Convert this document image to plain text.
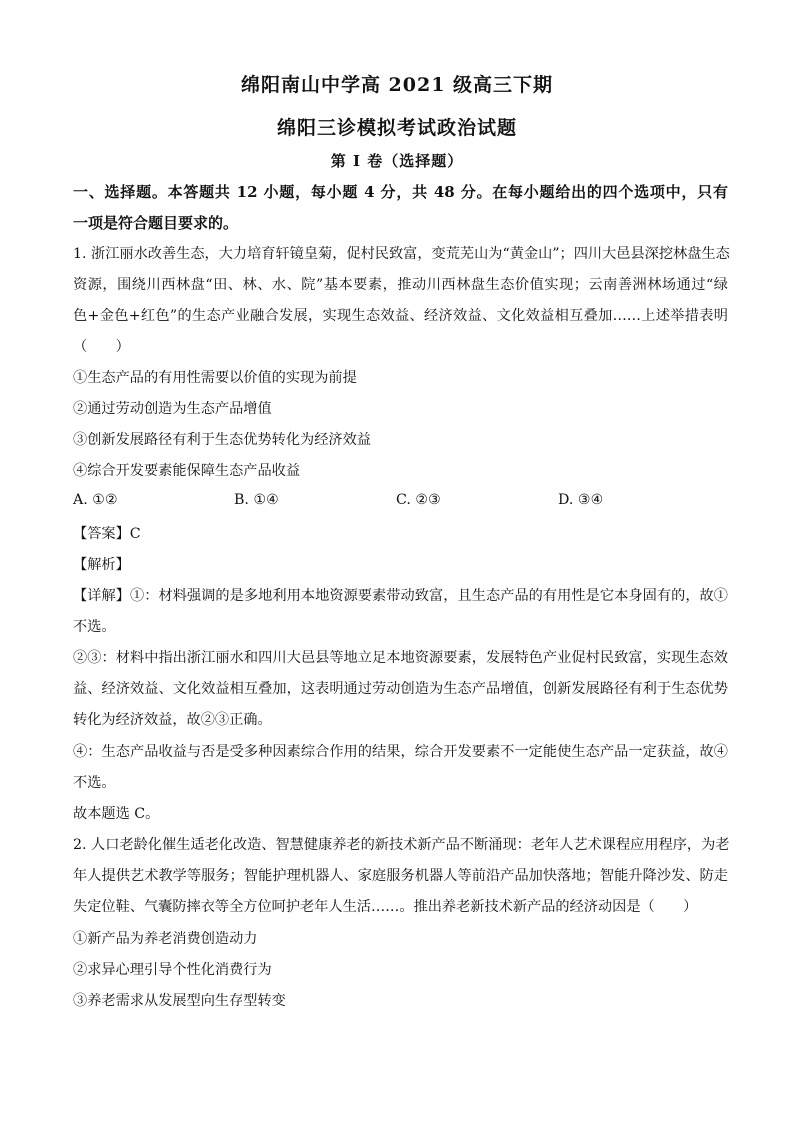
绵阳南山中学高 2021 级高三下期
绵阳三诊模拟考试政治试题
第 I 卷（选择题）
一、选择题。本答题共 12 小题，每小题 4 分，共 48 分。在每小题给出的四个选项中，只有
一项是符合题目要求的。
1. 浙江丽水改善生态，大力培育轩镜皇菊，促村民致富，变荒芜山为“黄金山”；四川大邑县深挖林盘生态
资源，围绕川西林盘“田、林、水、院”基本要素，推动川西林盘生态价值实现；云南善洲林场通过“绿
色+金色+红色”的生态产业融合发展，实现生态效益、经济效益、文化效益相互叠加……上述举措表明
（　　）
①生态产品的有用性需要以价值的实现为前提
②通过劳动创造为生态产品增值
③创新发展路径有利于生态优势转化为经济效益
④综合开发要素能保障生态产品收益
A. ①②	B. ①④	C. ②③	D. ③④
【答案】C
【解析】
【详解】①：材料强调的是多地利用本地资源要素带动致富，且生态产品的有用性是它本身固有的，故①
不选。
②③：材料中指出浙江丽水和四川大邑县等地立足本地资源要素，发展特色产业促村民致富，实现生态效
益、经济效益、文化效益相互叠加，这表明通过劳动创造为生态产品增值，创新发展路径有利于生态优势
转化为经济效益，故②③正确。
④：生态产品收益与否是受多种因素综合作用的结果，综合开发要素不一定能使生态产品一定获益，故④
不选。
故本题选 C。
2. 人口老龄化催生适老化改造、智慧健康养老的新技术新产品不断涌现：老年人艺术课程应用程序，为老
年人提供艺术教学等服务；智能护理机器人、家庭服务机器人等前沿产品加快落地；智能升降沙发、防走
失定位鞋、气囊防摔衣等全方位呵护老年人生活……。推出养老新技术新产品的经济动因是（　　）
①新产品为养老消费创造动力
②求异心理引导个性化消费行为
③养老需求从发展型向生存型转变
